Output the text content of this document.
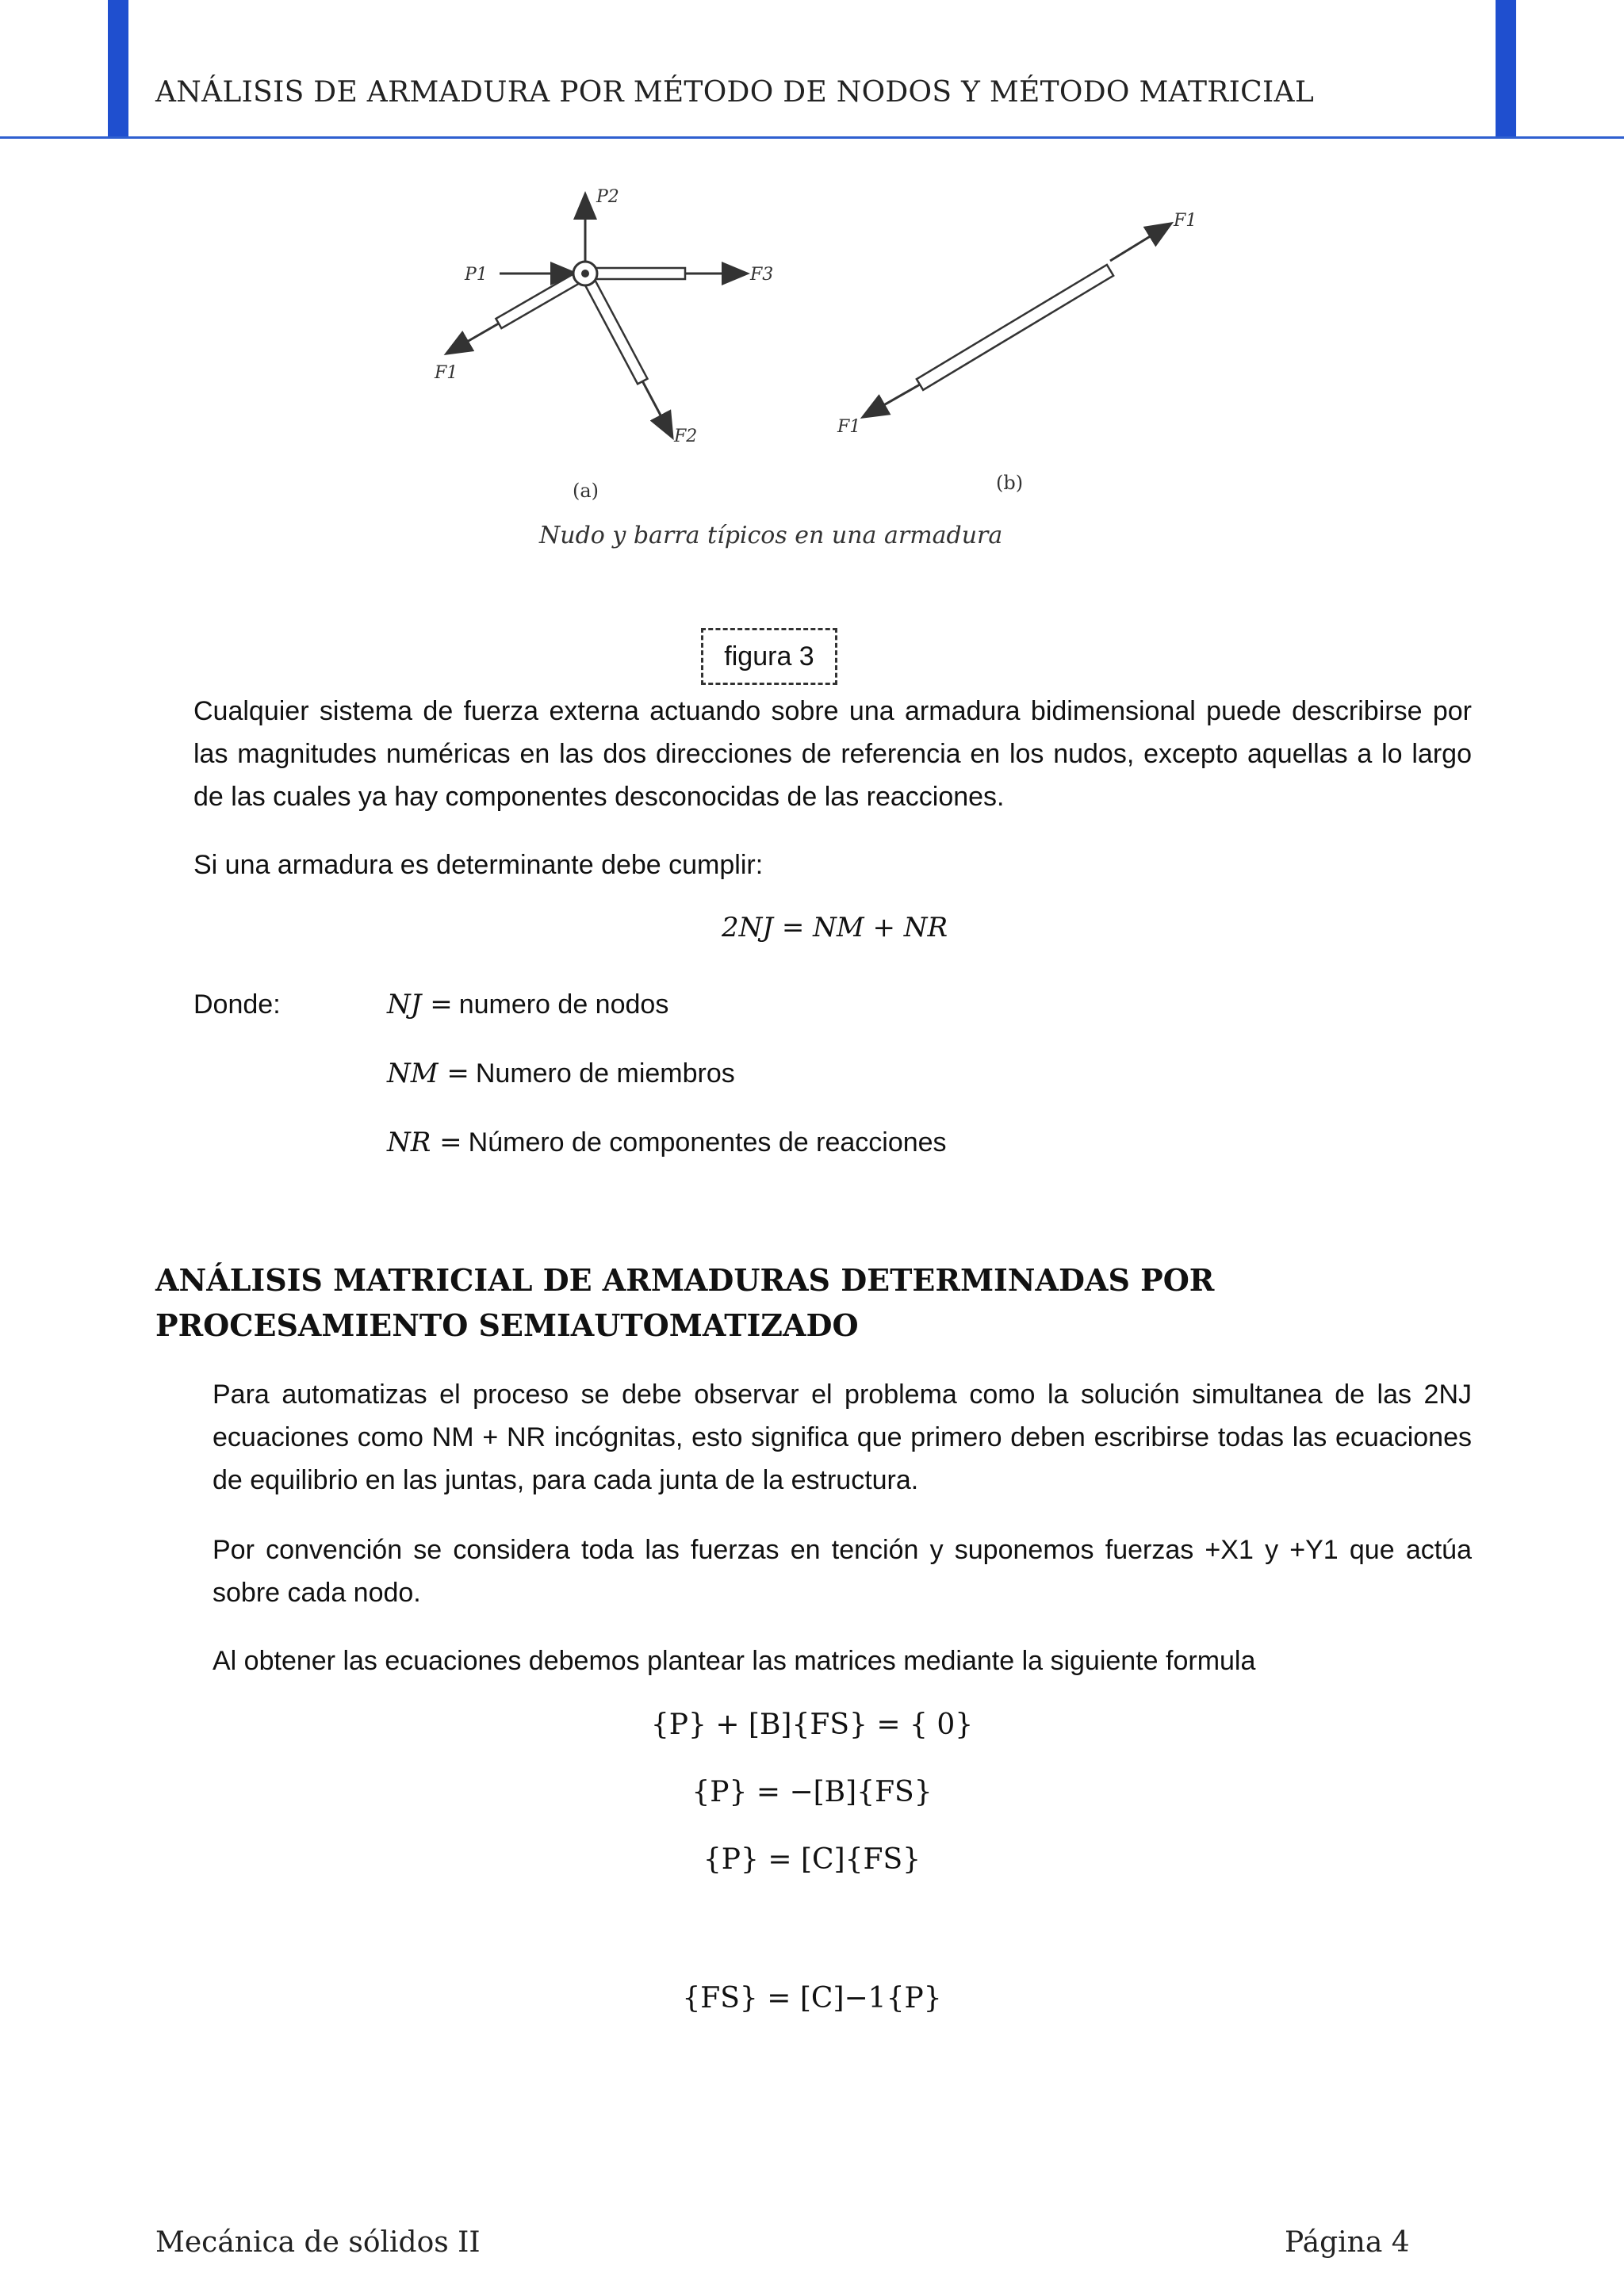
ANÁLISIS DE ARMADURA POR MÉTODO DE NODOS Y MÉTODO MATRICIAL
P2
P1	F3
F1
F2
(a)
F1
F1
(b)
Nudo y barra típicos en una armadura
figura 3
Cualquier sistema de fuerza externa actuando sobre una armadura bidimensional puede describirse por las magnitudes numéricas en las dos direcciones de referencia en los nudos, excepto aquellas a lo largo de las cuales ya hay componentes desconocidas de las reacciones.
Si una armadura es determinante debe cumplir:
2NJ = NM + NR
Donde:	NJ = numero de nodos
NM = Numero de miembros
NR = Número de componentes de reacciones
ANÁLISIS MATRICIAL DE ARMADURAS DETERMINADAS POR PROCESAMIENTO SEMIAUTOMATIZADO
Para automatizas el proceso se debe observar el problema como la solución simultanea de las 2NJ ecuaciones como NM + NR incógnitas, esto significa que primero deben escribirse todas las ecuaciones de equilibrio en las juntas, para cada junta de la estructura.
Por convención se considera toda las fuerzas en tención y suponemos fuerzas +X1 y +Y1 que actúa sobre cada nodo.
Al obtener las ecuaciones debemos plantear las matrices mediante la siguiente formula
{P} + [B]{FS} = { 0}
{P} = −[B]{FS}
{P} = [C]{FS}
{FS} = [C]−1{P}
Mecánica de sólidos II	Página 4
